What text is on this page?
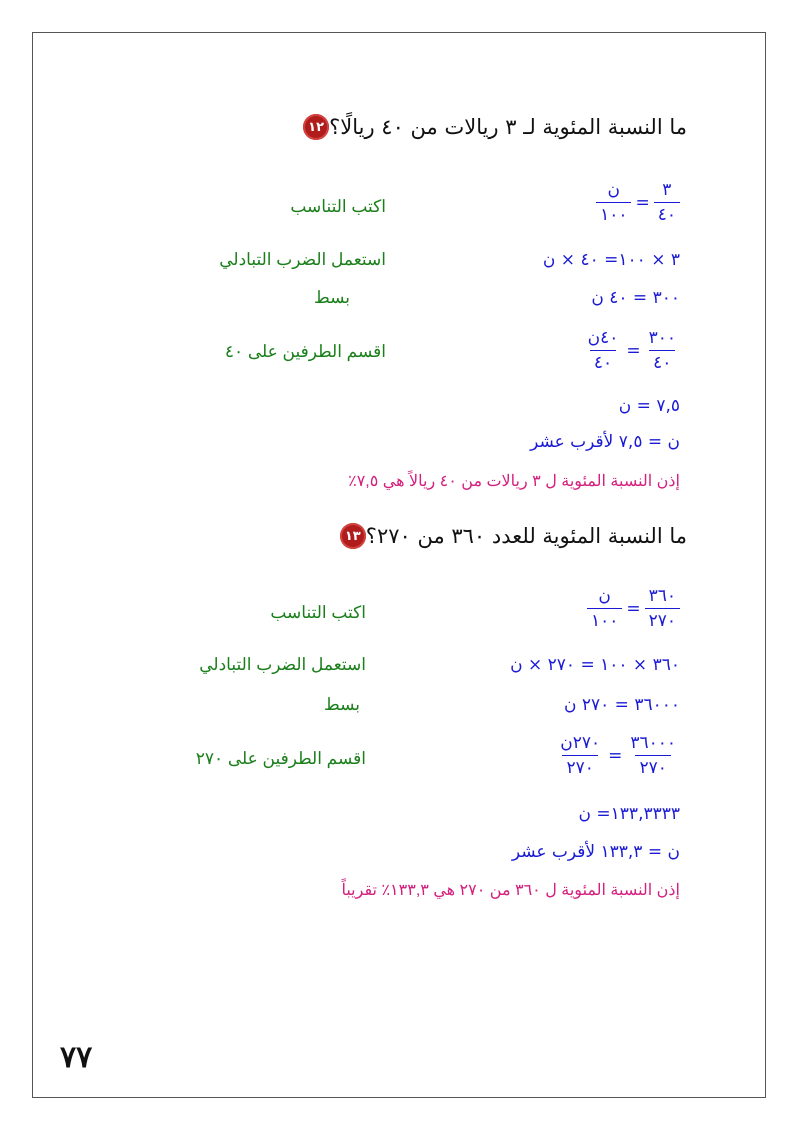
١٢ ما النسبة المئوية لـ ٣ ريالات من ٤٠ ريالًا؟
$\frac{٣}{٤٠}$
=
$\frac{\text{ن}}{١٠٠}$
اكتب التناسب
٣ × ١٠٠= ٤٠ × ن
استعمل الضرب التبادلي
٣٠٠ = ٤٠ ن
بسط
$\frac{٣٠٠}{٤٠}$
=
$\frac{\text{٤٠ن}}{٤٠}$
اقسم الطرفين على ٤٠
٧,٥ = ن
ن = ٧,٥ لأقرب عشر
إذن النسبة المئوية ل ٣ ريالات من ٤٠ ريالاً هي ٧,٥٪
١٣ ما النسبة المئوية للعدد ٣٦٠ من ٢٧٠؟
$\frac{٣٦٠}{٢٧٠}$
=
$\frac{\text{ن}}{١٠٠}$
اكتب التناسب
٣٦٠ × ١٠٠ = ٢٧٠ × ن
استعمل الضرب التبادلي
٣٦٠٠٠ = ٢٧٠ ن
بسط
$\frac{٣٦٠٠٠}{٢٧٠}$
=
$\frac{\text{٢٧٠ن}}{٢٧٠}$
اقسم الطرفين على ٢٧٠
١٣٣,٣٣٣٣= ن
ن = ١٣٣,٣ لأقرب عشر
إذن النسبة المئوية ل ٣٦٠ من ٢٧٠ هي ١٣٣,٣٪ تقريباً
٧٧
